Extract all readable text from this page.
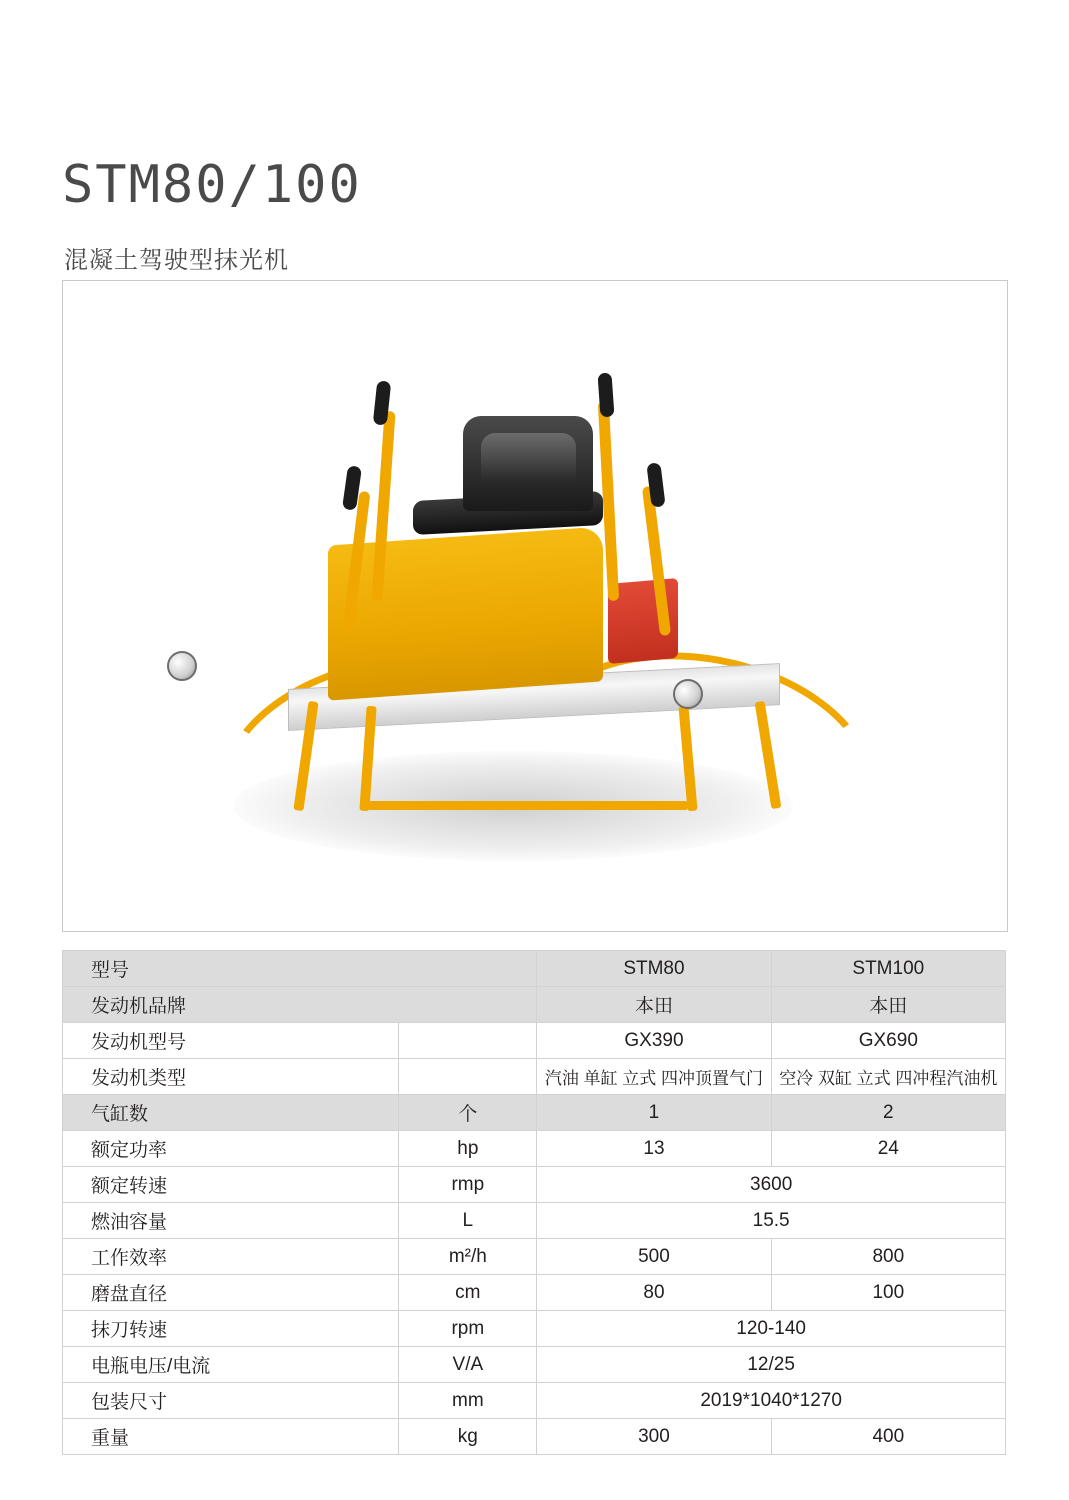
STM80/100
混凝土驾驶型抹光机
型号		STM80	STM100
发动机品牌		本田	本田
发动机型号		GX390	GX690
发动机类型		汽油 单缸 立式 四冲顶置气门	空冷 双缸 立式 四冲程汽油机
气缸数	个	1	2
额定功率	hp	13	24
额定转速	rmp	3600	
燃油容量	L	15.5	
工作效率	m²/h	500	800
磨盘直径	cm	80	100
抹刀转速	rpm	120-140	
电瓶电压/电流	V/A	12/25	
包装尺寸	mm	2019*1040*1270	
重量	kg	300	400
